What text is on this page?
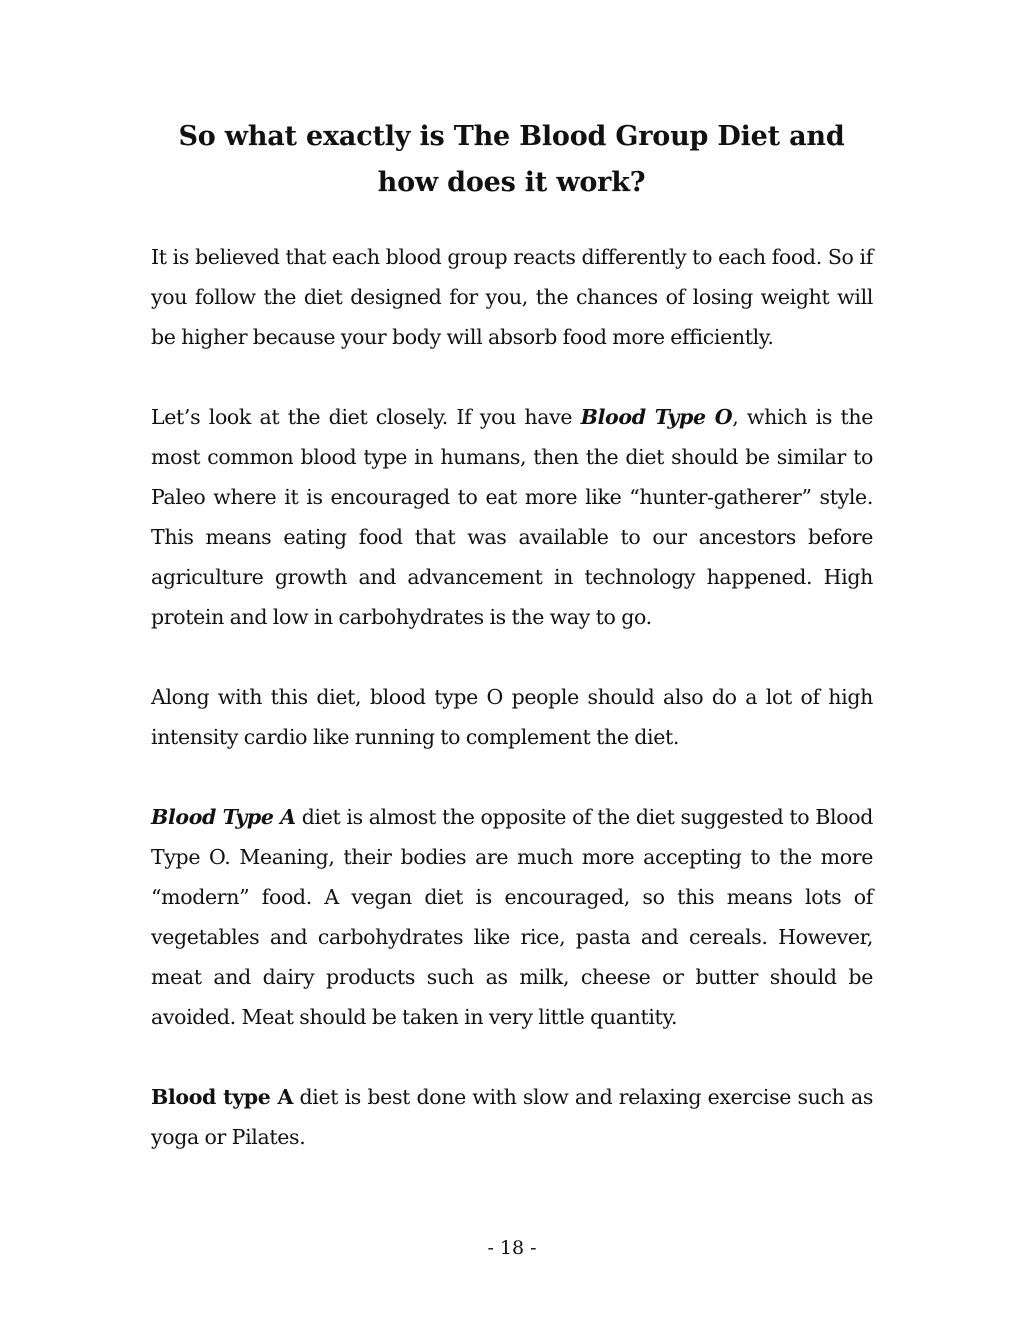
So what exactly is The Blood Group Diet and how does it work?

It is believed that each blood group reacts differently to each food. So if you follow the diet designed for you, the chances of losing weight will be higher because your body will absorb food more efficiently.

Let’s look at the diet closely. If you have Blood Type O, which is the most common blood type in humans, then the diet should be similar to Paleo where it is encouraged to eat more like “hunter-gatherer” style. This means eating food that was available to our ancestors before agriculture growth and advancement in technology happened. High protein and low in carbohydrates is the way to go.

Along with this diet, blood type O people should also do a lot of high intensity cardio like running to complement the diet.

Blood Type A diet is almost the opposite of the diet suggested to Blood Type O. Meaning, their bodies are much more accepting to the more “modern” food. A vegan diet is encouraged, so this means lots of vegetables and carbohydrates like rice, pasta and cereals. However, meat and dairy products such as milk, cheese or butter should be avoided. Meat should be taken in very little quantity.

Blood type A diet is best done with slow and relaxing exercise such as yoga or Pilates.

- 18 -
